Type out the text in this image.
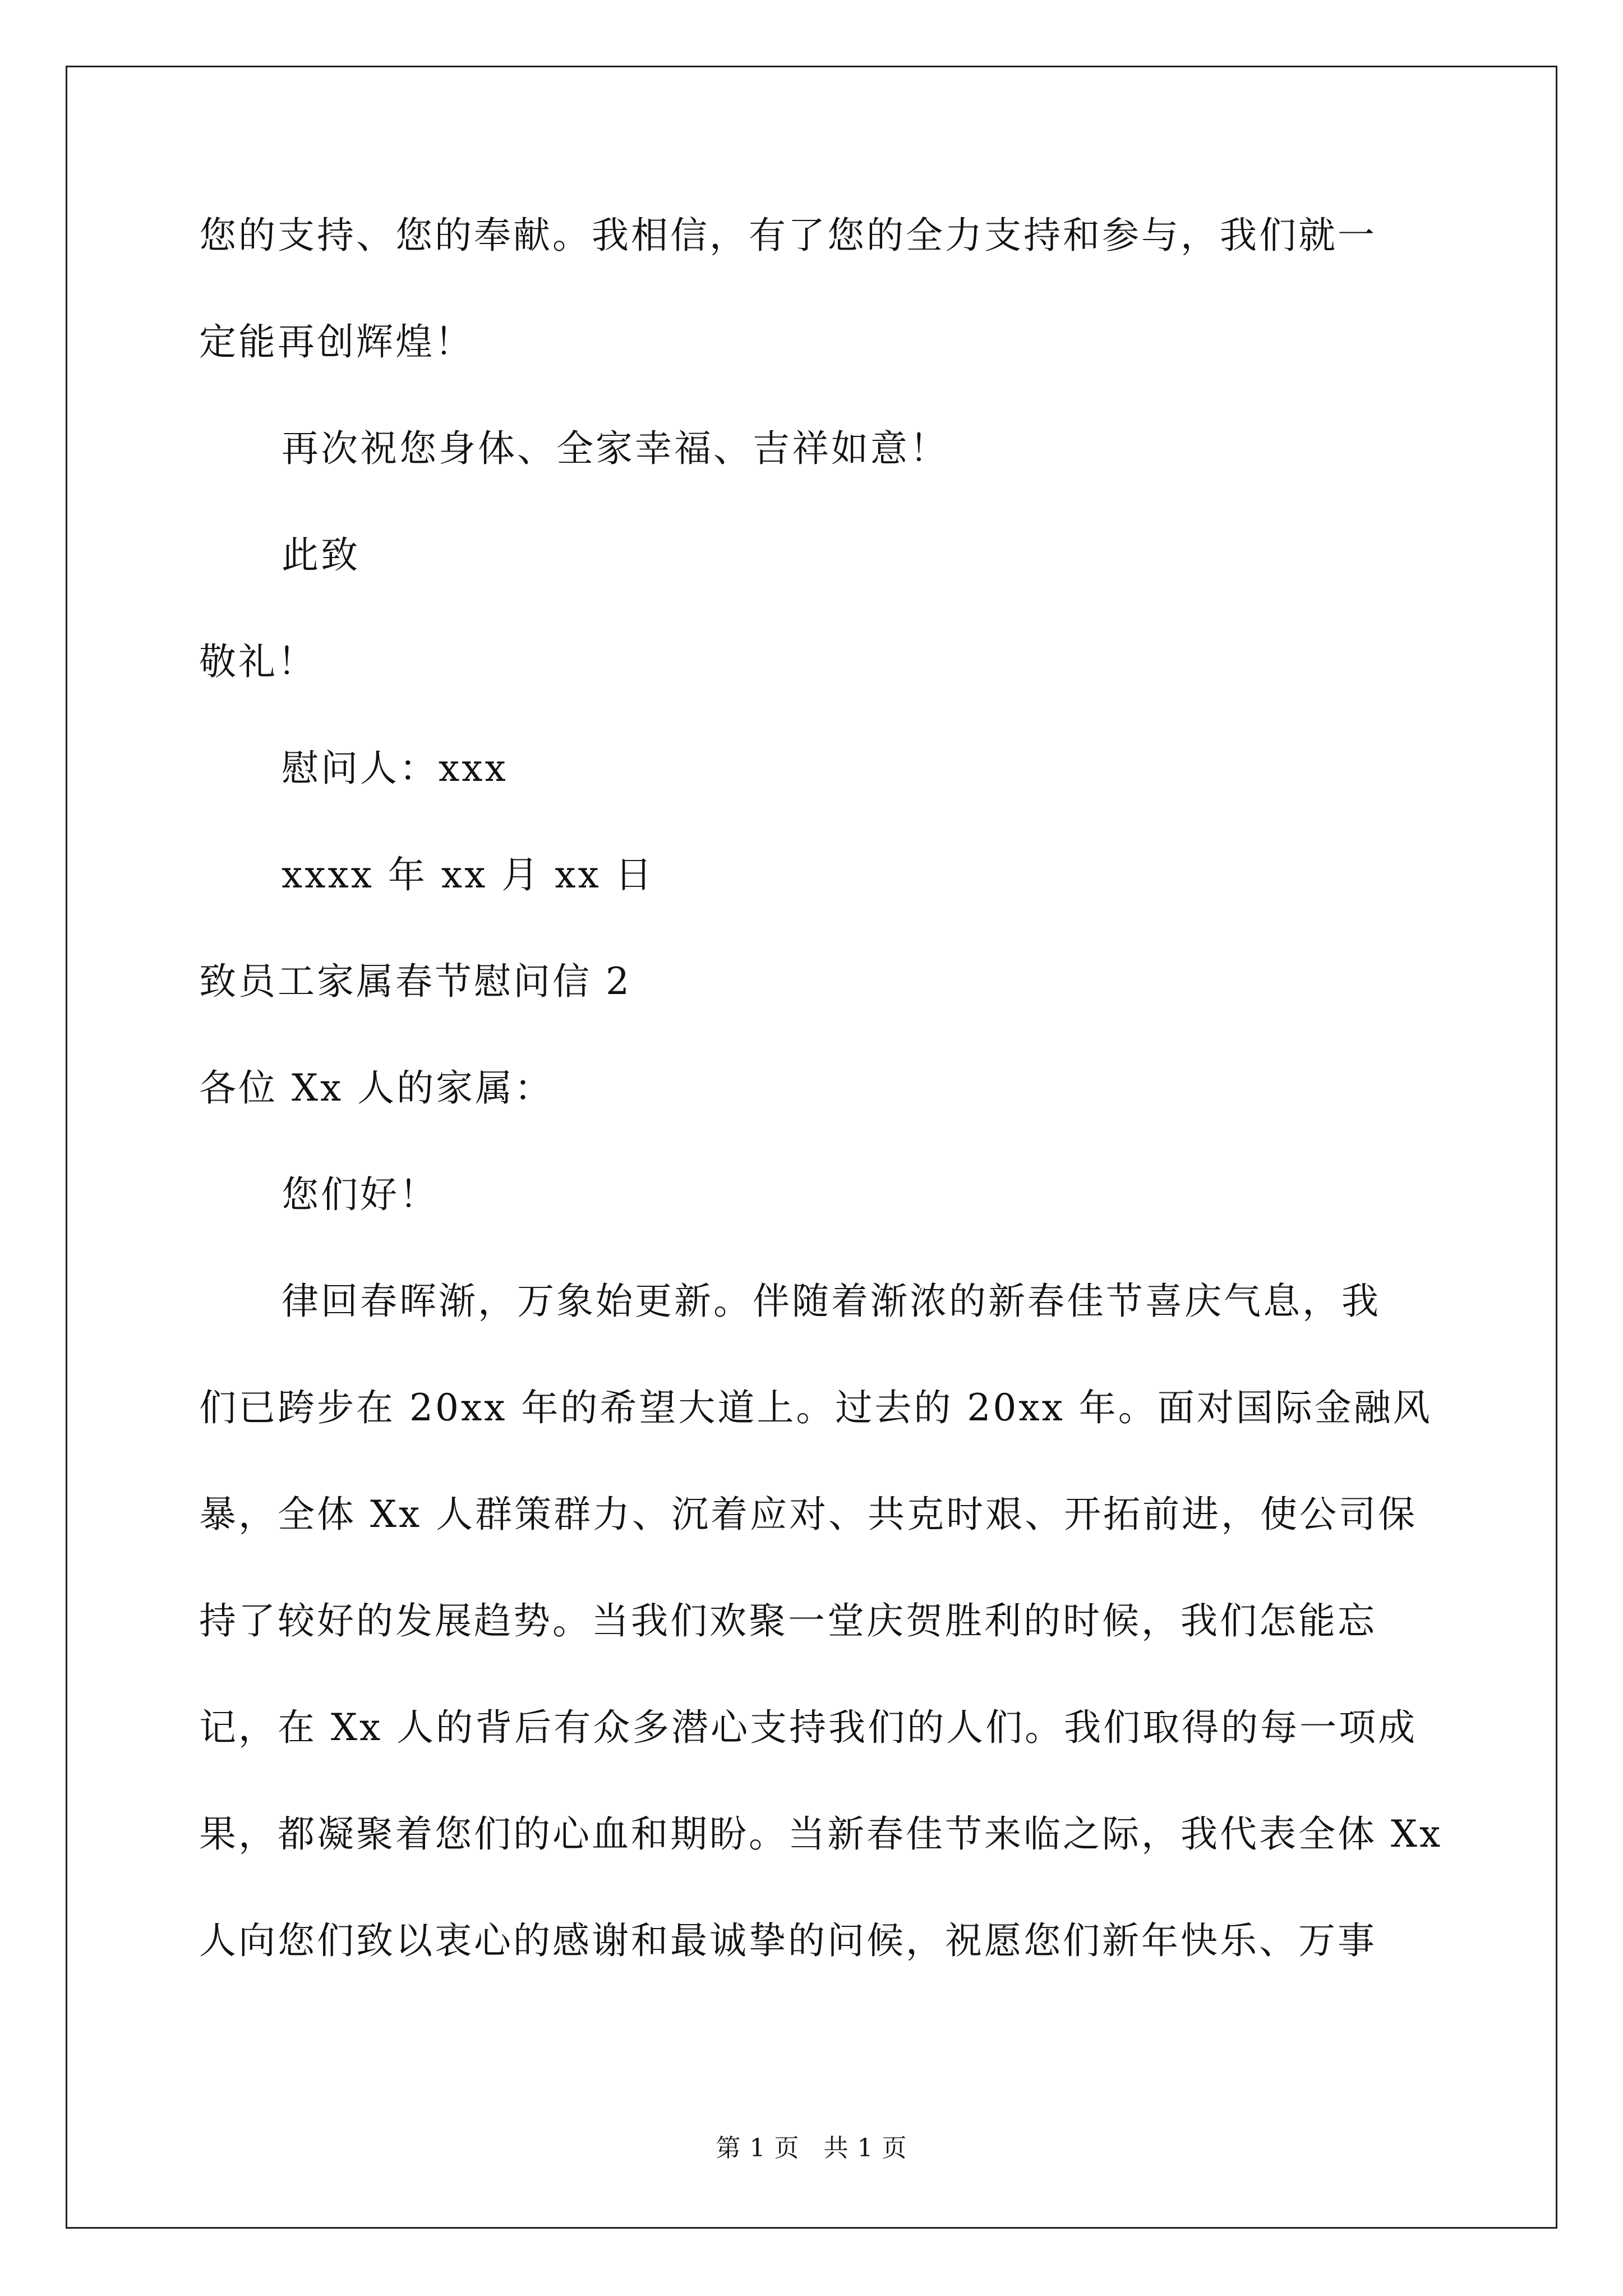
您的支持、您的奉献。我相信，有了您的全力支持和参与，我们就一
定能再创辉煌！
再次祝您身体、全家幸福、吉祥如意！
此致
敬礼！
慰问人：xxx
xxxx 年 xx 月 xx 日
致员工家属春节慰问信 2
各位 Xx 人的家属：
您们好！
律回春晖渐，万象始更新。伴随着渐浓的新春佳节喜庆气息，我
们已跨步在 20xx 年的希望大道上。过去的 20xx 年。面对国际金融风
暴，全体 Xx 人群策群力、沉着应对、共克时艰、开拓前进，使公司保
持了较好的发展趋势。当我们欢聚一堂庆贺胜利的时候，我们怎能忘
记，在 Xx 人的背后有众多潜心支持我们的人们。我们取得的每一项成
果，都凝聚着您们的心血和期盼。当新春佳节来临之际，我代表全体 Xx
人向您们致以衷心的感谢和最诚挚的问候，祝愿您们新年快乐、万事
第 1 页 共 1 页
